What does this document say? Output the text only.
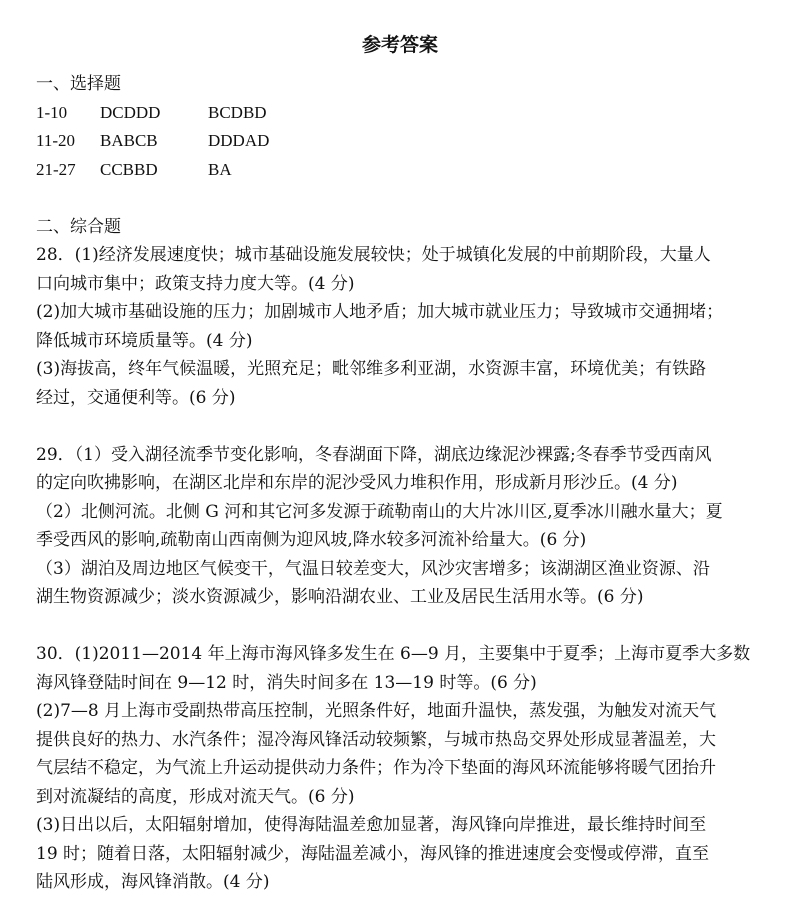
参考答案
一、选择题
1-10	DCDDD	BCDBD
11-20	BABCB	DDDAD
21-27	CCBBD	BA
二、综合题
28．(1)经济发展速度快；城市基础设施发展较快；处于城镇化发展的中前期阶段，大量人
口向城市集中；政策支持力度大等。(4 分)
(2)加大城市基础设施的压力；加剧城市人地矛盾；加大城市就业压力；导致城市交通拥堵；
降低城市环境质量等。(4 分)
(3)海拔高，终年气候温暖，光照充足；毗邻维多利亚湖，水资源丰富，环境优美；有铁路
经过，交通便利等。(6 分)
29．（1）受入湖径流季节变化影响，冬春湖面下降，湖底边缘泥沙裸露;冬春季节受西南风
的定向吹拂影响，在湖区北岸和东岸的泥沙受风力堆积作用，形成新月形沙丘。(4 分)
（2）北侧河流。北侧 G 河和其它河多发源于疏勒南山的大片冰川区,夏季冰川融水量大；夏
季受西风的影响,疏勒南山西南侧为迎风坡,降水较多河流补给量大。(6 分)
（3）湖泊及周边地区气候变干，气温日较差变大，风沙灾害增多；该湖湖区渔业资源、沿
湖生物资源减少；淡水资源减少，影响沿湖农业、工业及居民生活用水等。(6 分)
30．(1)2011—2014 年上海市海风锋多发生在 6—9 月，主要集中于夏季；上海市夏季大多数
海风锋登陆时间在 9—12 时，消失时间多在 13—19 时等。(6 分)
(2)7—8 月上海市受副热带高压控制，光照条件好，地面升温快，蒸发强，为触发对流天气
提供良好的热力、水汽条件；湿冷海风锋活动较频繁，与城市热岛交界处形成显著温差，大
气层结不稳定，为气流上升运动提供动力条件；作为冷下垫面的海风环流能够将暖气团抬升
到对流凝结的高度，形成对流天气。(6 分)
(3)日出以后，太阳辐射增加，使得海陆温差愈加显著，海风锋向岸推进，最长维持时间至
19 时；随着日落，太阳辐射减少，海陆温差减小，海风锋的推进速度会变慢或停滞，直至
陆风形成，海风锋消散。(4 分)
